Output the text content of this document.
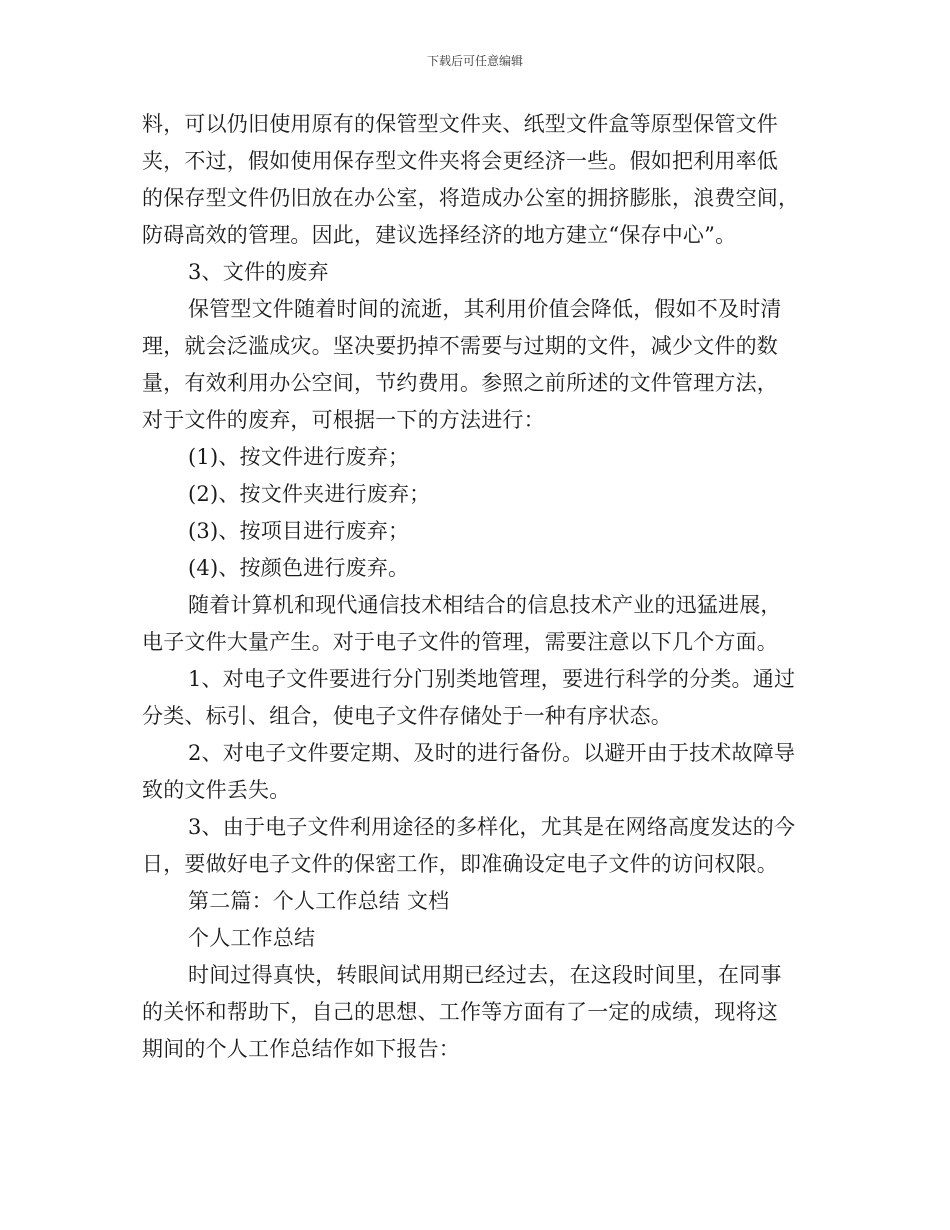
下载后可任意编辑
料，可以仍旧使用原有的保管型文件夹、纸型文件盒等原型保管文件
夹，不过，假如使用保存型文件夹将会更经济一些。假如把利用率低
的保存型文件仍旧放在办公室，将造成办公室的拥挤膨胀，浪费空间，
防碍高效的管理。因此，建议选择经济的地方建立“保存中心”。
3、文件的废弃
保管型文件随着时间的流逝，其利用价值会降低，假如不及时清
理，就会泛滥成灾。坚决要扔掉不需要与过期的文件，减少文件的数
量，有效利用办公空间，节约费用。参照之前所述的文件管理方法，
对于文件的废弃，可根据一下的方法进行：
(1)、按文件进行废弃；
(2)、按文件夹进行废弃；
(3)、按项目进行废弃；
(4)、按颜色进行废弃。
随着计算机和现代通信技术相结合的信息技术产业的迅猛进展，
电子文件大量产生。对于电子文件的管理，需要注意以下几个方面。
1、对电子文件要进行分门别类地管理，要进行科学的分类。通过
分类、标引、组合，使电子文件存储处于一种有序状态。
2、对电子文件要定期、及时的进行备份。以避开由于技术故障导
致的文件丢失。
3、由于电子文件利用途径的多样化，尤其是在网络高度发达的今
日，要做好电子文件的保密工作，即准确设定电子文件的访问权限。
第二篇：个人工作总结 文档
个人工作总结
时间过得真快，转眼间试用期已经过去，在这段时间里，在同事
的关怀和帮助下，自己的思想、工作等方面有了一定的成绩，现将这
期间的个人工作总结作如下报告：
